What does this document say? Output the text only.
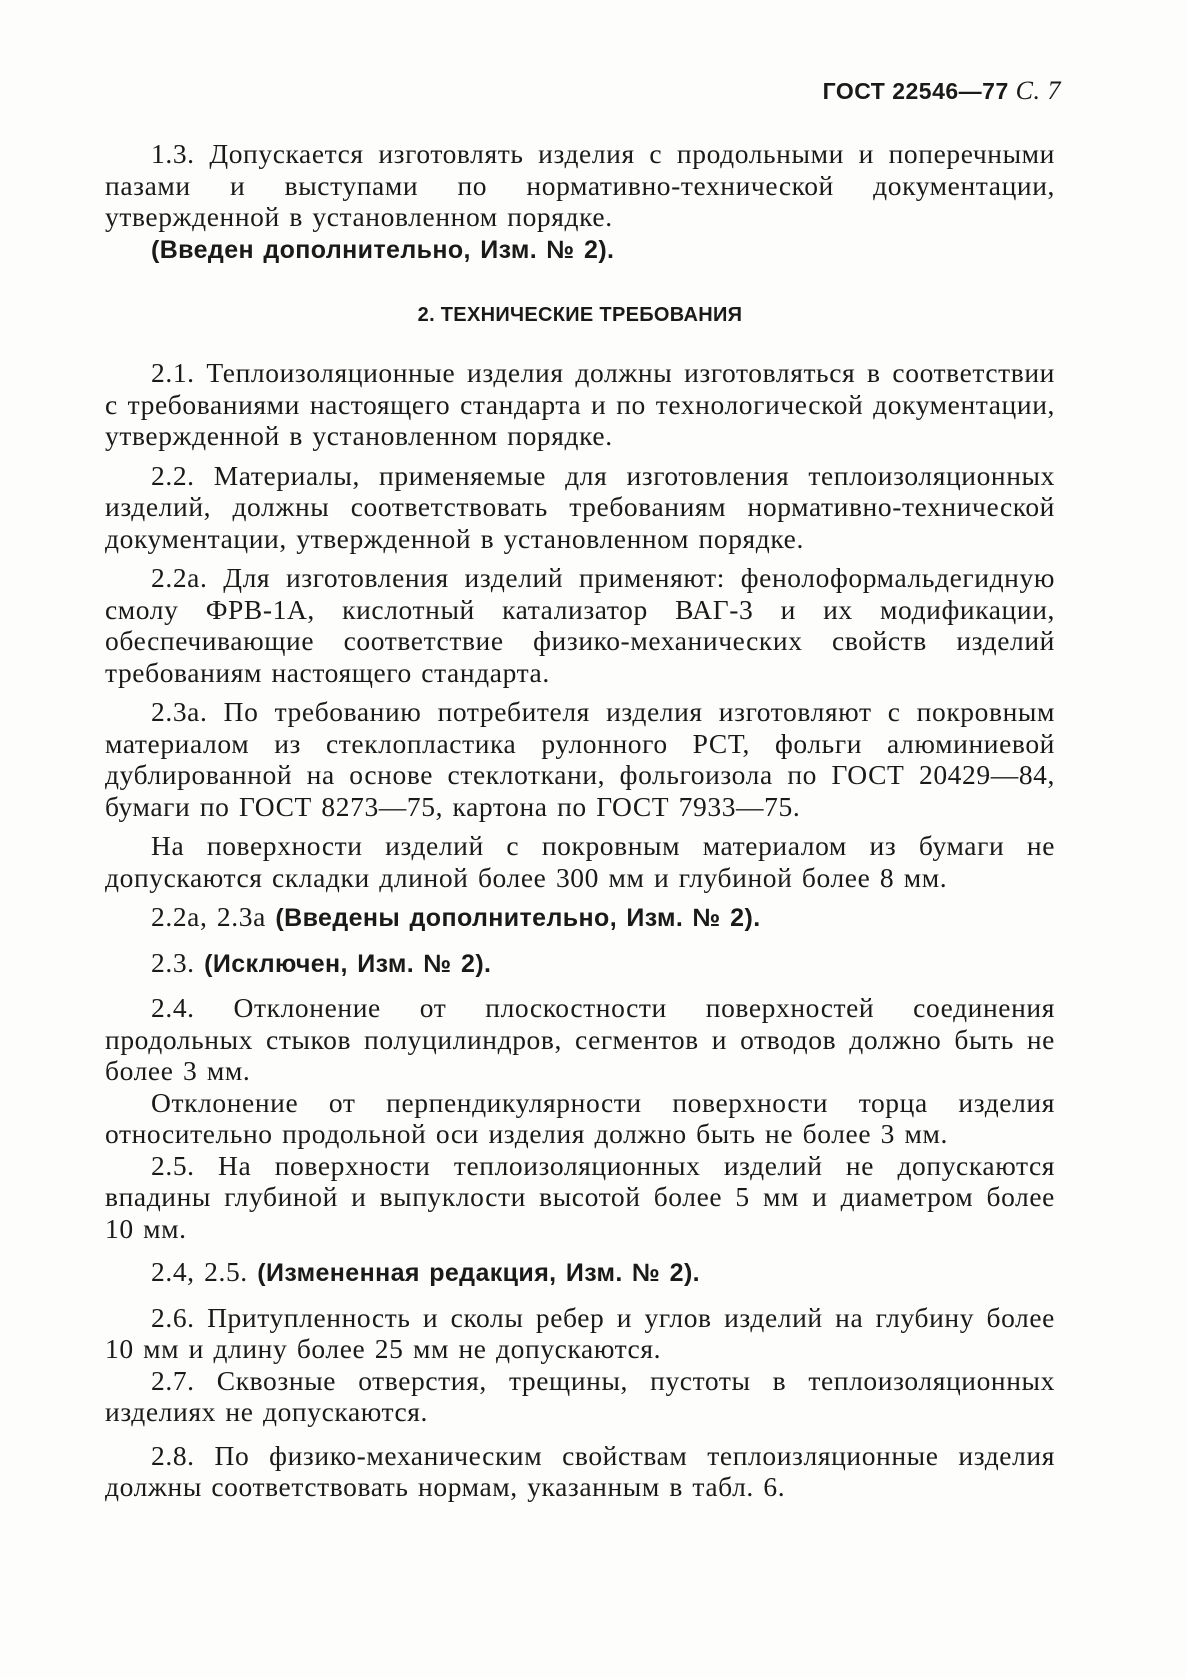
ГОСТ 22546—77 С. 7

1.3. Допускается изготовлять изделия с продольными и поперечными пазами и выступами по нормативно-технической документации, утвержденной в установленном порядке.

(Введен дополнительно, Изм. № 2).

2. ТЕХНИЧЕСКИЕ ТРЕБОВАНИЯ

2.1. Теплоизоляционные изделия должны изготовляться в соответствии с требованиями настоящего стандарта и по технологической документации, утвержденной в установленном порядке.

2.2. Материалы, применяемые для изготовления теплоизоляционных изделий, должны соответствовать требованиям нормативно-технической документации, утвержденной в установленном порядке.

2.2а. Для изготовления изделий применяют: фенолоформальдегидную смолу ФРВ-1А, кислотный катализатор ВАГ-3 и их модификации, обеспечивающие соответствие физико-механических свойств изделий требованиям настоящего стандарта.

2.3а. По требованию потребителя изделия изготовляют с покровным материалом из стеклопластика рулонного РСТ, фольги алюминиевой дублированной на основе стеклоткани, фольгоизола по ГОСТ 20429—84, бумаги по ГОСТ 8273—75, картона по ГОСТ 7933—75.

На поверхности изделий с покровным материалом из бумаги не допускаются складки длиной более 300 мм и глубиной более 8 мм.

2.2а, 2.3а (Введены дополнительно, Изм. № 2).

2.3. (Исключен, Изм. № 2).

2.4. Отклонение от плоскостности поверхностей соединения продольных стыков полуцилиндров, сегментов и отводов должно быть не более 3 мм.

Отклонение от перпендикулярности поверхности торца изделия относительно продольной оси изделия должно быть не более 3 мм.

2.5. На поверхности теплоизоляционных изделий не допускаются впадины глубиной и выпуклости высотой более 5 мм и диаметром более 10 мм.

2.4, 2.5. (Измененная редакция, Изм. № 2).

2.6. Притупленность и сколы ребер и углов изделий на глубину более 10 мм и длину более 25 мм не допускаются.

2.7. Сквозные отверстия, трещины, пустоты в теплоизоляционных изделиях не допускаются.

2.8. По физико-механическим свойствам теплоизляционные изделия должны соответствовать нормам, указанным в табл. 6.
